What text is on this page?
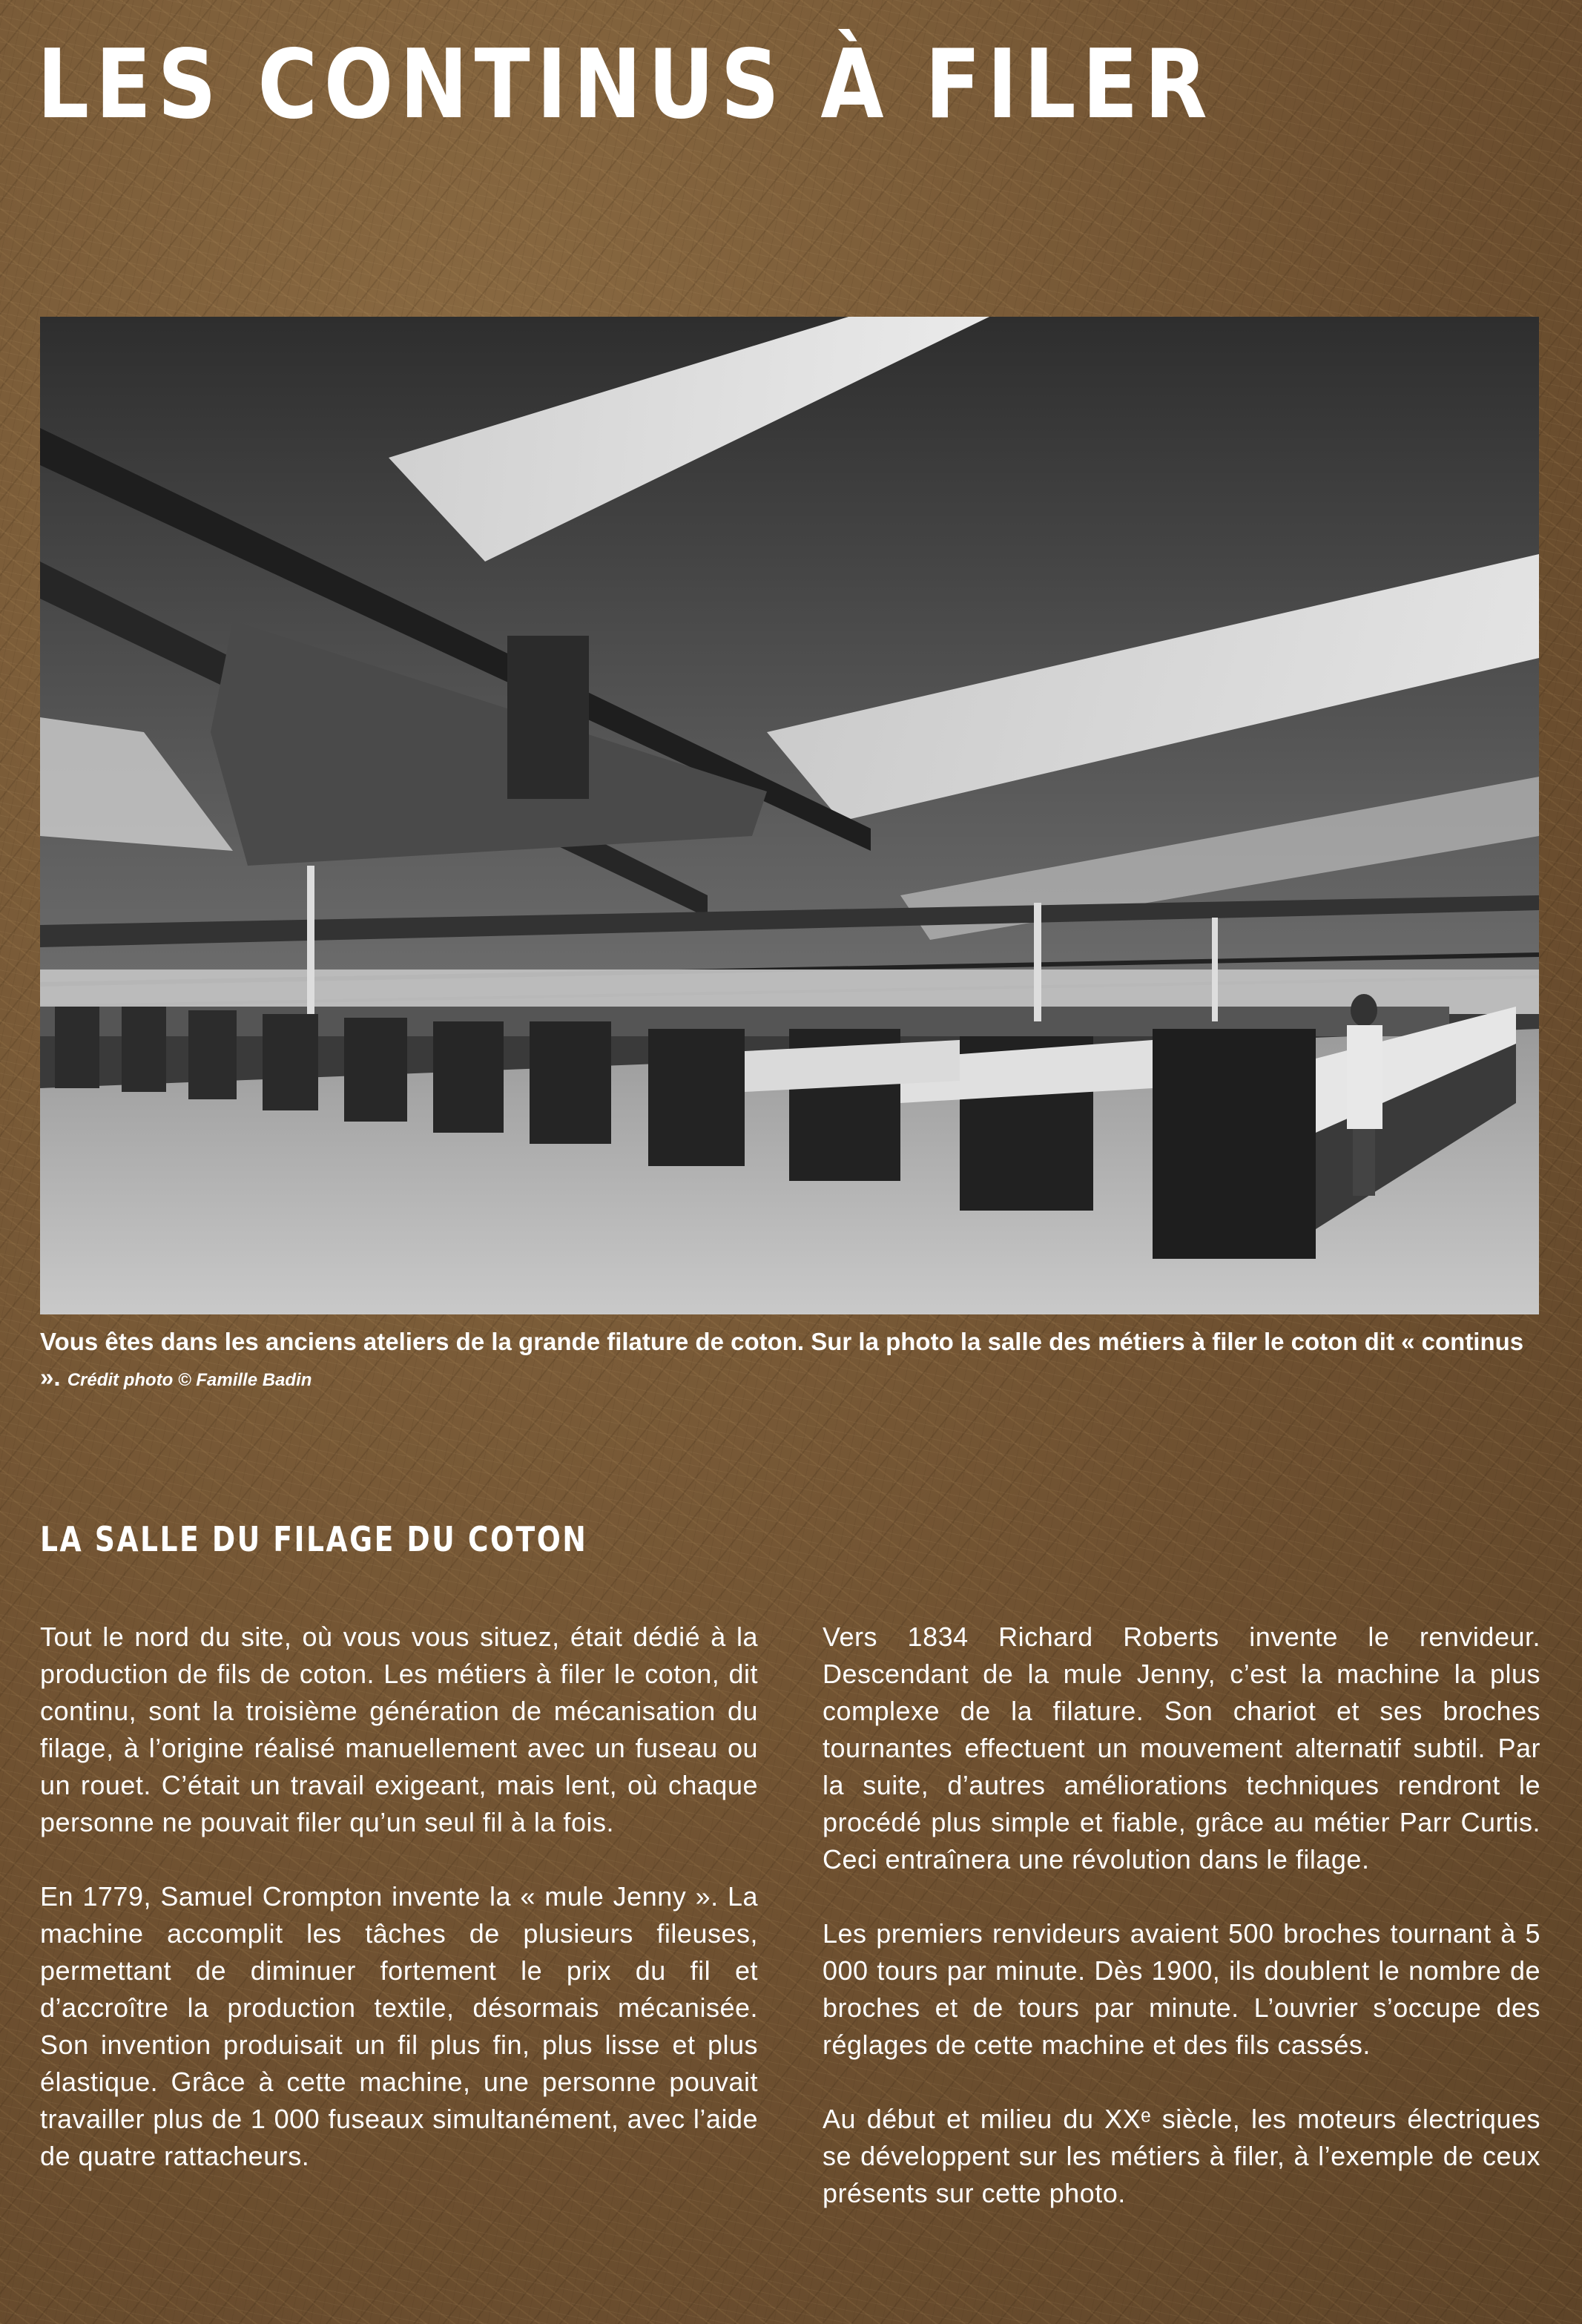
LES CONTINUS À FILER

Vous êtes dans les anciens ateliers de la grande filature de coton. Sur la photo la salle des métiers à filer le coton dit « continus ». Crédit photo © Famille Badin

LA SALLE DU FILAGE DU COTON

Tout le nord du site, où vous vous situez, était dédié à la production de fils de coton. Les métiers à filer le coton, dit continu, sont la troisième génération de mécanisation du filage, à l’origine réalisé manuellement avec un fuseau ou un rouet. C’était un travail exigeant, mais lent, où chaque personne ne pouvait filer qu’un seul fil à la fois.

En 1779, Samuel Crompton invente la « mule Jenny ». La machine accomplit les tâches de plusieurs fileuses, permettant de diminuer fortement le prix du fil et d’accroître la production textile, désormais mécanisée. Son invention produisait un fil plus fin, plus lisse et plus élastique. Grâce à cette machine, une personne pouvait travailler plus de 1 000 fuseaux simultanément, avec l’aide de quatre rattacheurs.

Vers 1834 Richard Roberts invente le renvideur. Descendant de la mule Jenny, c’est la machine la plus complexe de la filature. Son chariot et ses broches tournantes effectuent un mouvement alternatif subtil. Par la suite, d’autres améliorations techniques rendront le procédé plus simple et fiable, grâce au métier Parr Curtis. Ceci entraînera une révolution dans le filage.

Les premiers renvideurs avaient 500 broches tournant à 5 000 tours par minute. Dès 1900, ils doublent le nombre de broches et de tours par minute. L’ouvrier s’occupe des réglages de cette machine et des fils cassés.

Au début et milieu du XXᵉ siècle, les moteurs électriques se développent sur les métiers à filer, à l’exemple de ceux présents sur cette photo.
